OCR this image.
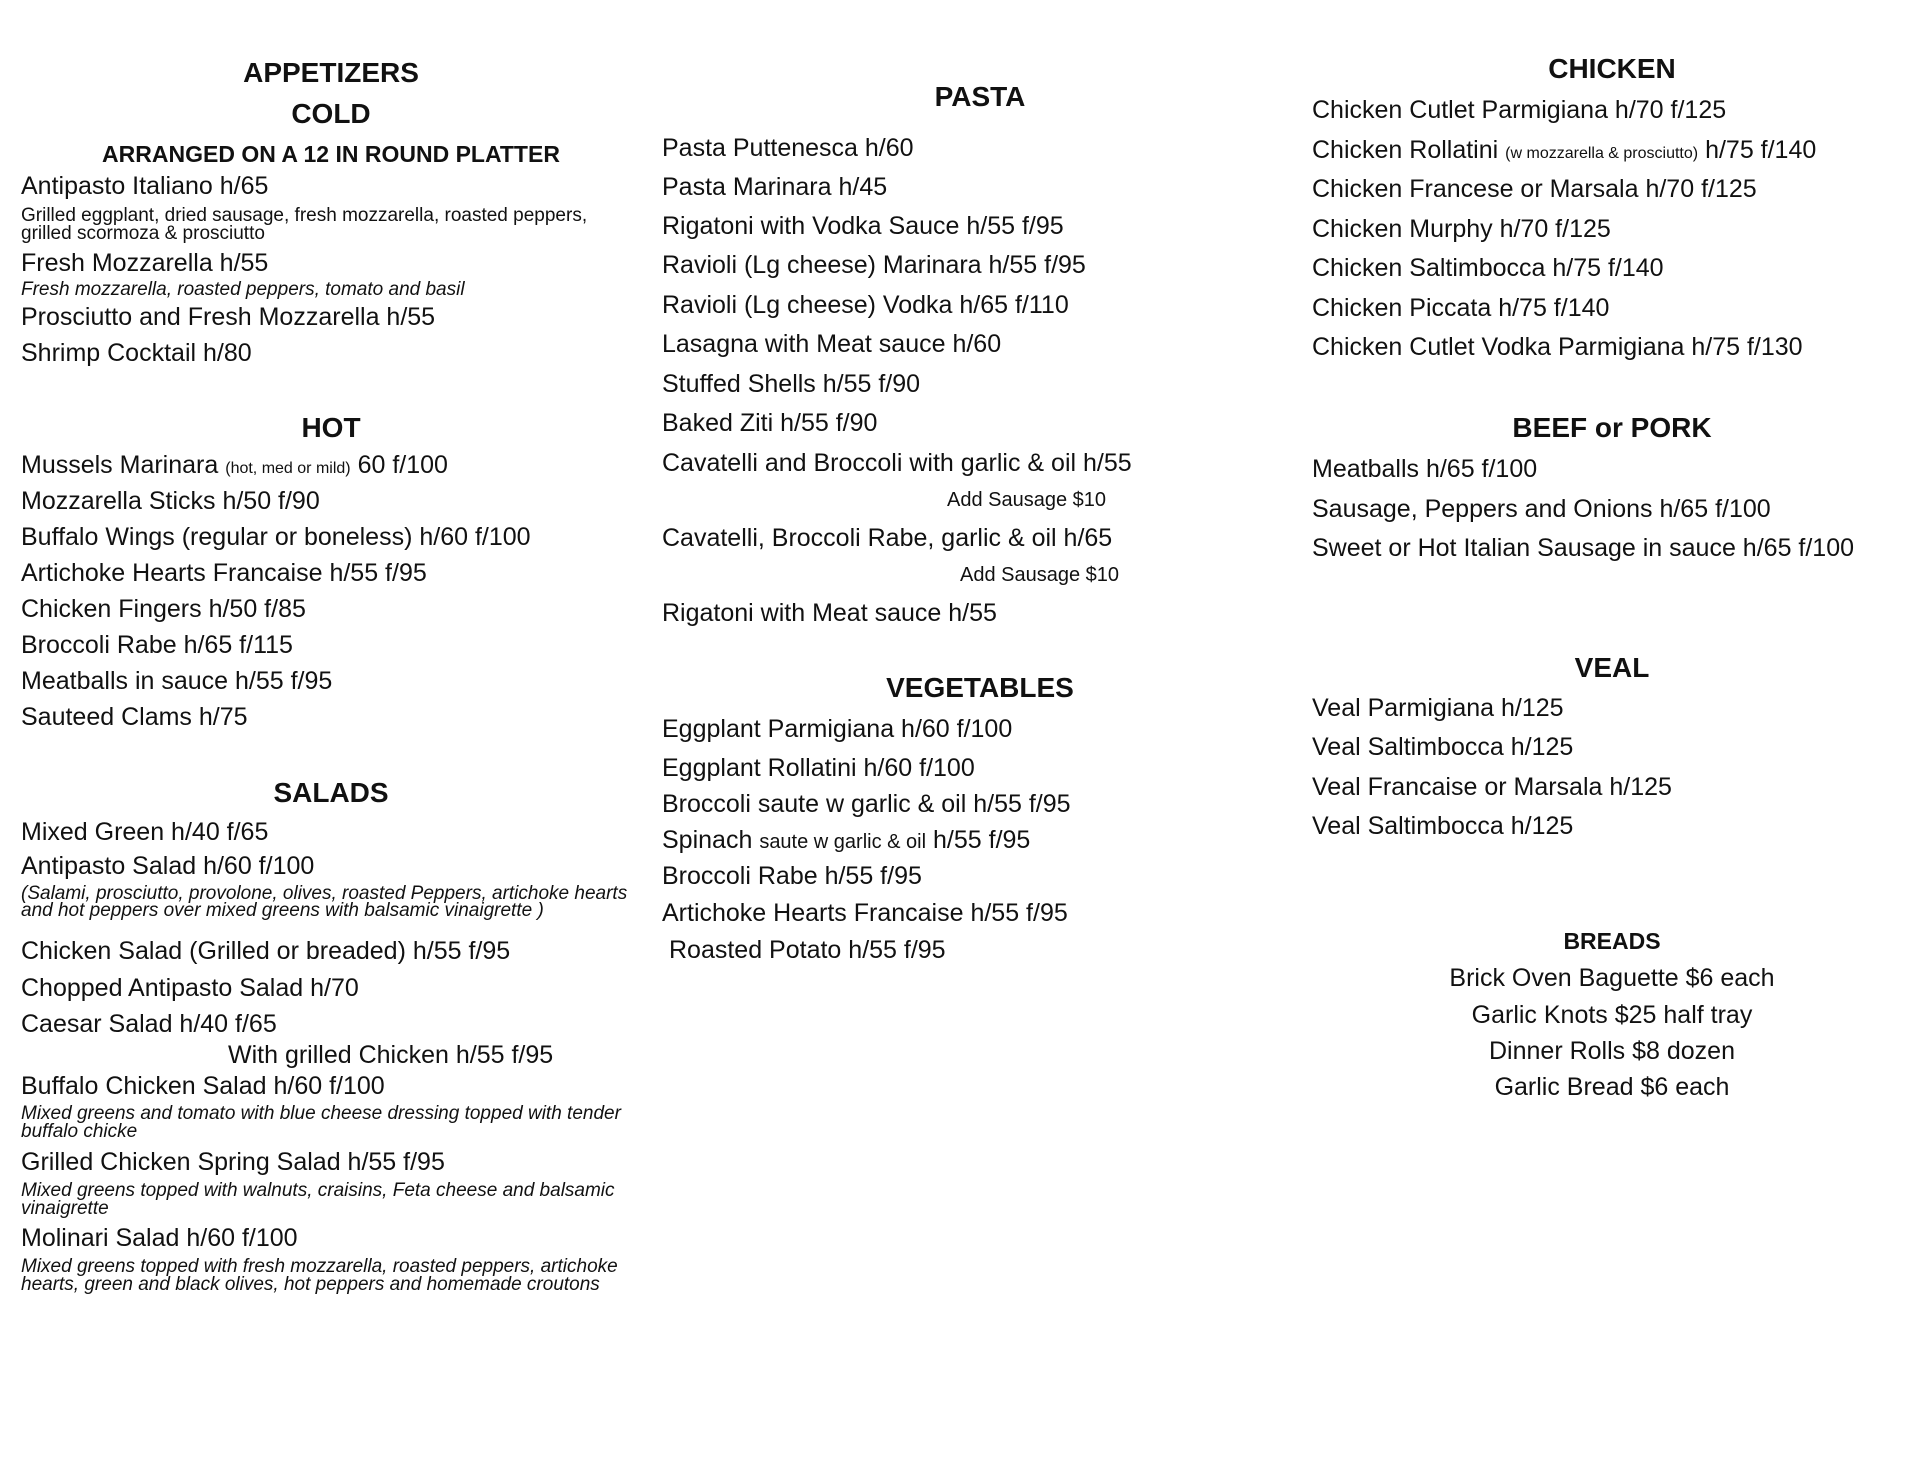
APPETIZERS
COLD
ARRANGED ON A 12 IN ROUND PLATTER
Antipasto Italiano h/65
Grilled eggplant, dried sausage, fresh mozzarella, roasted peppers, grilled scormoza & prosciutto
Fresh Mozzarella h/55
Fresh mozzarella, roasted peppers, tomato and basil
Prosciutto and Fresh Mozzarella h/55
Shrimp Cocktail h/80
HOT
Mussels Marinara (hot, med or mild) 60 f/100
Mozzarella Sticks h/50 f/90
Buffalo Wings (regular or boneless) h/60 f/100
Artichoke Hearts Francaise h/55 f/95
Chicken Fingers h/50 f/85
Broccoli Rabe h/65 f/115
Meatballs in sauce h/55 f/95
Sauteed Clams h/75
SALADS
Mixed Green h/40 f/65
Antipasto Salad h/60 f/100
(Salami, prosciutto, provolone, olives, roasted Peppers, artichoke hearts and hot peppers over mixed greens with balsamic vinaigrette )
Chicken Salad (Grilled or breaded) h/55 f/95
Chopped Antipasto Salad h/70
Caesar Salad h/40 f/65
With grilled Chicken h/55 f/95
Buffalo Chicken Salad h/60 f/100
Mixed greens and tomato with blue cheese dressing topped with tender buffalo chicke
Grilled Chicken Spring Salad h/55 f/95
Mixed greens topped with walnuts, craisins, Feta cheese and balsamic vinaigrette
Molinari Salad h/60 f/100
Mixed greens topped with fresh mozzarella, roasted peppers, artichoke hearts, green and black olives, hot peppers and homemade croutons
PASTA
Pasta Puttenesca h/60
Pasta Marinara h/45
Rigatoni with Vodka Sauce h/55 f/95
Ravioli (Lg cheese) Marinara h/55 f/95
Ravioli (Lg cheese) Vodka h/65 f/110
Lasagna with Meat sauce h/60
Stuffed Shells h/55 f/90
Baked Ziti h/55 f/90
Cavatelli and Broccoli with garlic & oil h/55
Add Sausage $10
Cavatelli, Broccoli Rabe, garlic & oil h/65
Add Sausage $10
Rigatoni with Meat sauce h/55
VEGETABLES
Eggplant Parmigiana h/60 f/100
Eggplant Rollatini h/60 f/100
Broccoli saute w garlic & oil h/55 f/95
Spinach saute w garlic & oil h/55 f/95
Broccoli Rabe h/55 f/95
Artichoke Hearts Francaise h/55 f/95
Roasted Potato h/55 f/95
CHICKEN
Chicken Cutlet Parmigiana h/70 f/125
Chicken Rollatini (w mozzarella & prosciutto) h/75 f/140
Chicken Francese or Marsala h/70 f/125
Chicken Murphy h/70 f/125
Chicken Saltimbocca h/75 f/140
Chicken Piccata h/75 f/140
Chicken Cutlet Vodka Parmigiana h/75 f/130
BEEF or PORK
Meatballs h/65 f/100
Sausage, Peppers and Onions h/65 f/100
Sweet or Hot Italian Sausage in sauce h/65 f/100
VEAL
Veal Parmigiana h/125
Veal Saltimbocca h/125
Veal Francaise or Marsala h/125
Veal Saltimbocca h/125
BREADS
Brick Oven Baguette $6 each
Garlic Knots $25 half tray
Dinner Rolls $8 dozen
Garlic Bread $6 each
